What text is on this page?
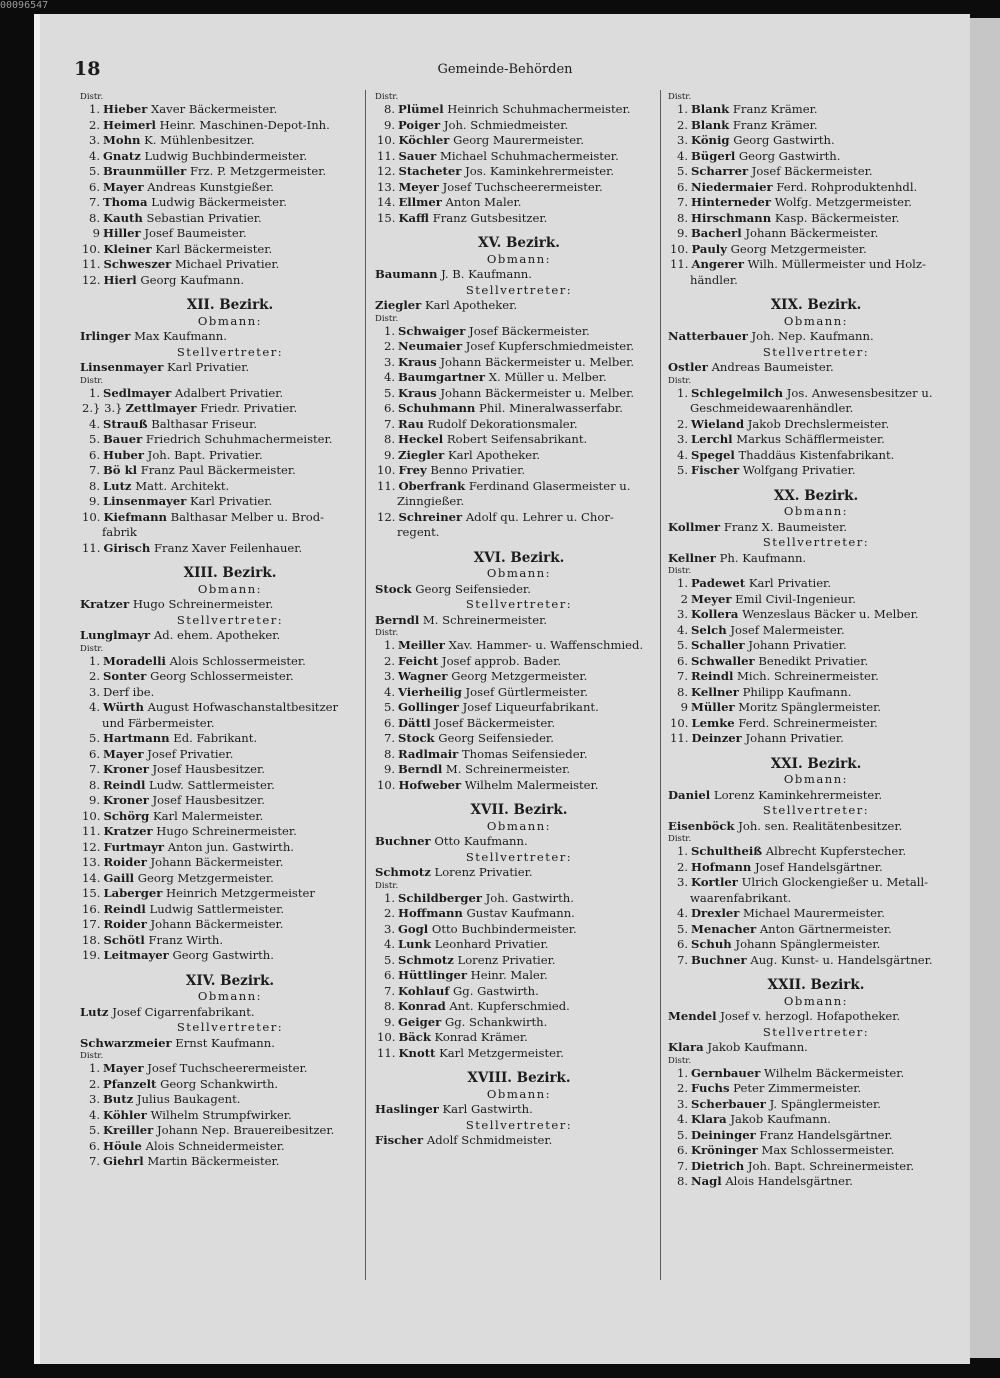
00096547
18	Gemeinde-Behörden
Distr.
1. Hieber Xaver Bäckermeister.
2. Heimerl Heinr. Maschinen-Depot-Inh.
3. Mohn K. Mühlenbesitzer.
4. Gnatz Ludwig Buchbindermeister.
5. Braunmüller Frz. P. Metzgermeister.
6. Mayer Andreas Kunstgießer.
7. Thoma Ludwig Bäckermeister.
8. Kauth Sebastian Privatier.
9 Hiller Josef Baumeister.
10. Kleiner Karl Bäckermeister.
11. Schweszer Michael Privatier.
12. Hierl Georg Kaufmann.
XII. Bezirk.
Obmann:
Irlinger Max Kaufmann.
Stellvertreter:
Linsenmayer Karl Privatier.
Distr.
1. Sedlmayer Adalbert Privatier.
2.} 3.} Zettlmayer Friedr. Privatier.
4. Strauß Balthasar Friseur.
5. Bauer Friedrich Schuhmachermeister.
6. Huber Joh. Bapt. Privatier.
7. Bö kl Franz Paul Bäckermeister.
8. Lutz Matt. Architekt.
9. Linsenmayer Karl Privatier.
10. Kiefmann Balthasar Melber u. Brod-
fabrik
11. Girisch Franz Xaver Feilenhauer.
XIII. Bezirk.
Obmann:
Kratzer Hugo Schreinermeister.
Stellvertreter:
Lunglmayr Ad. ehem. Apotheker.
Distr.
1. Moradelli Alois Schlossermeister.
2. Sonter Georg Schlossermeister.
3. Derf ibe.
4. Würth August Hofwaschanstaltbesitzer
und Färbermeister.
5. Hartmann Ed. Fabrikant.
6. Mayer Josef Privatier.
7. Kroner Josef Hausbesitzer.
8. Reindl Ludw. Sattlermeister.
9. Kroner Josef Hausbesitzer.
10. Schörg Karl Malermeister.
11. Kratzer Hugo Schreinermeister.
12. Furtmayr Anton jun. Gastwirth.
13. Roider Johann Bäckermeister.
14. Gaill Georg Metzgermeister.
15. Laberger Heinrich Metzgermeister
16. Reindl Ludwig Sattlermeister.
17. Roider Johann Bäckermeister.
18. Schötl Franz Wirth.
19. Leitmayer Georg Gastwirth.
XIV. Bezirk.
Obmann:
Lutz Josef Cigarrenfabrikant.
Stellvertreter:
Schwarzmeier Ernst Kaufmann.
Distr.
1. Mayer Josef Tuchscheerermeister.
2. Pfanzelt Georg Schankwirth.
3. Butz Julius Baukagent.
4. Köhler Wilhelm Strumpfwirker.
5. Kreiller Johann Nep. Brauereibesitzer.
6. Höule Alois Schneidermeister.
7. Giehrl Martin Bäckermeister.
Distr.
8. Plümel Heinrich Schuhmachermeister.
9. Poiger Joh. Schmiedmeister.
10. Köchler Georg Maurermeister.
11. Sauer Michael Schuhmachermeister.
12. Stacheter Jos. Kaminkehrermeister.
13. Meyer Josef Tuchscheerermeister.
14. Ellmer Anton Maler.
15. Kaffl Franz Gutsbesitzer.
XV. Bezirk.
Obmann:
Baumann J. B. Kaufmann.
Stellvertreter:
Ziegler Karl Apotheker.
Distr.
1. Schwaiger Josef Bäckermeister.
2. Neumaier Josef Kupferschmiedmeister.
3. Kraus Johann Bäckermeister u. Melber.
4. Baumgartner X. Müller u. Melber.
5. Kraus Johann Bäckermeister u. Melber.
6. Schuhmann Phil. Mineralwasserfabr.
7. Rau Rudolf Dekorationsmaler.
8. Heckel Robert Seifensabrikant.
9. Ziegler Karl Apotheker.
10. Frey Benno Privatier.
11. Oberfrank Ferdinand Glasermeister u.
Zinngießer.
12. Schreiner Adolf qu. Lehrer u. Chor-
regent.
XVI. Bezirk.
Obmann:
Stock Georg Seifensieder.
Stellvertreter:
Berndl M. Schreinermeister.
Distr.
1. Meiller Xav. Hammer- u. Waffenschmied.
2. Feicht Josef approb. Bader.
3. Wagner Georg Metzgermeister.
4. Vierheilig Josef Gürtlermeister.
5. Gollinger Josef Liqueurfabrikant.
6. Dättl Josef Bäckermeister.
7. Stock Georg Seifensieder.
8. Radlmair Thomas Seifensieder.
9. Berndl M. Schreinermeister.
10. Hofweber Wilhelm Malermeister.
XVII. Bezirk.
Obmann:
Buchner Otto Kaufmann.
Stellvertreter:
Schmotz Lorenz Privatier.
Distr.
1. Schildberger Joh. Gastwirth.
2. Hoffmann Gustav Kaufmann.
3. Gogl Otto Buchbindermeister.
4. Lunk Leonhard Privatier.
5. Schmotz Lorenz Privatier.
6. Hüttlinger Heinr. Maler.
7. Kohlauf Gg. Gastwirth.
8. Konrad Ant. Kupferschmied.
9. Geiger Gg. Schankwirth.
10. Bäck Konrad Krämer.
11. Knott Karl Metzgermeister.
XVIII. Bezirk.
Obmann:
Haslinger Karl Gastwirth.
Stellvertreter:
Fischer Adolf Schmidmeister.
Distr.
1. Blank Franz Krämer.
2. Blank Franz Krämer.
3. König Georg Gastwirth.
4. Bügerl Georg Gastwirth.
5. Scharrer Josef Bäckermeister.
6. Niedermaier Ferd. Rohproduktenhdl.
7. Hinterneder Wolfg. Metzgermeister.
8. Hirschmann Kasp. Bäckermeister.
9. Bacherl Johann Bäckermeister.
10. Pauly Georg Metzgermeister.
11. Angerer Wilh. Müllermeister und Holz-
händler.
XIX. Bezirk.
Obmann:
Natterbauer Joh. Nep. Kaufmann.
Stellvertreter:
Ostler Andreas Baumeister.
Distr.
1. Schlegelmilch Jos. Anwesensbesitzer u.
Geschmeidewaarenhändler.
2. Wieland Jakob Drechslermeister.
3. Lerchl Markus Schäfflermeister.
4. Spegel Thaddäus Kistenfabrikant.
5. Fischer Wolfgang Privatier.
XX. Bezirk.
Obmann:
Kollmer Franz X. Baumeister.
Stellvertreter:
Kellner Ph. Kaufmann.
Distr.
1. Padewet Karl Privatier.
2 Meyer Emil Civil-Ingenieur.
3. Kollera Wenzeslaus Bäcker u. Melber.
4. Selch Josef Malermeister.
5. Schaller Johann Privatier.
6. Schwaller Benedikt Privatier.
7. Reindl Mich. Schreinermeister.
8. Kellner Philipp Kaufmann.
9 Müller Moritz Spänglermeister.
10. Lemke Ferd. Schreinermeister.
11. Deinzer Johann Privatier.
XXI. Bezirk.
Obmann:
Daniel Lorenz Kaminkehrermeister.
Stellvertreter:
Eisenböck Joh. sen. Realitätenbesitzer.
Distr.
1. Schultheiß Albrecht Kupferstecher.
2. Hofmann Josef Handelsgärtner.
3. Kortler Ulrich Glockengießer u. Metall-
waarenfabrikant.
4. Drexler Michael Maurermeister.
5. Menacher Anton Gärtnermeister.
6. Schuh Johann Spänglermeister.
7. Buchner Aug. Kunst- u. Handelsgärtner.
XXII. Bezirk.
Obmann:
Mendel Josef v. herzogl. Hofapotheker.
Stellvertreter:
Klara Jakob Kaufmann.
Distr.
1. Gernbauer Wilhelm Bäckermeister.
2. Fuchs Peter Zimmermeister.
3. Scherbauer J. Spänglermeister.
4. Klara Jakob Kaufmann.
5. Deininger Franz Handelsgärtner.
6. Kröninger Max Schlossermeister.
7. Dietrich Joh. Bapt. Schreinermeister.
8. Nagl Alois Handelsgärtner.
